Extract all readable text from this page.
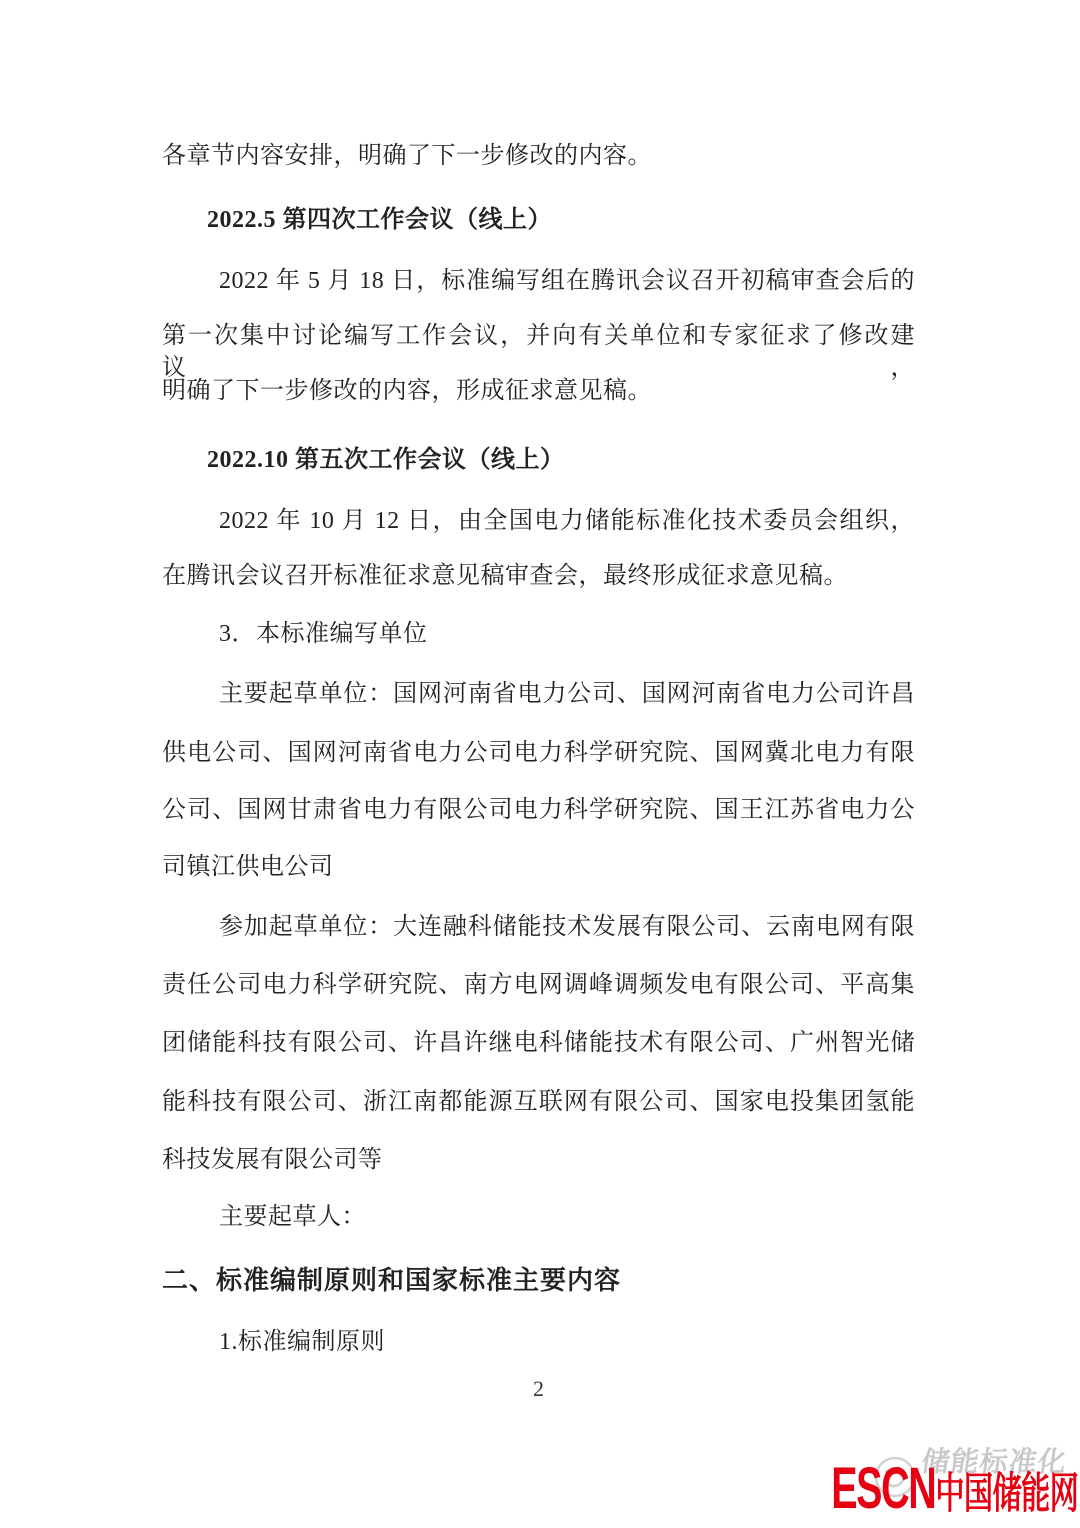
各章节内容安排，明确了下一步修改的内容。
2022.5 第四次工作会议（线上）
2022 年 5 月 18 日，标准编写组在腾讯会议召开初稿审查会后的
第一次集中讨论编写工作会议，并向有关单位和专家征求了修改建议，
明确了下一步修改的内容，形成征求意见稿。
2022.10 第五次工作会议（线上）
2022 年 10 月 12 日，由全国电力储能标准化技术委员会组织，
在腾讯会议召开标准征求意见稿审查会，最终形成征求意见稿。
3．本标准编写单位
主要起草单位：国网河南省电力公司、国网河南省电力公司许昌
供电公司、国网河南省电力公司电力科学研究院、国网冀北电力有限
公司、国网甘肃省电力有限公司电力科学研究院、国王江苏省电力公
司镇江供电公司
参加起草单位：大连融科储能技术发展有限公司、云南电网有限
责任公司电力科学研究院、南方电网调峰调频发电有限公司、平高集
团储能科技有限公司、许昌许继电科储能技术有限公司、广州智光储
能科技有限公司、浙江南都能源互联网有限公司、国家电投集团氢能
科技发展有限公司等
主要起草人：
二、标准编制原则和国家标准主要内容
1.标准编制原则
2
储能标准化
ESCN中国储能网
